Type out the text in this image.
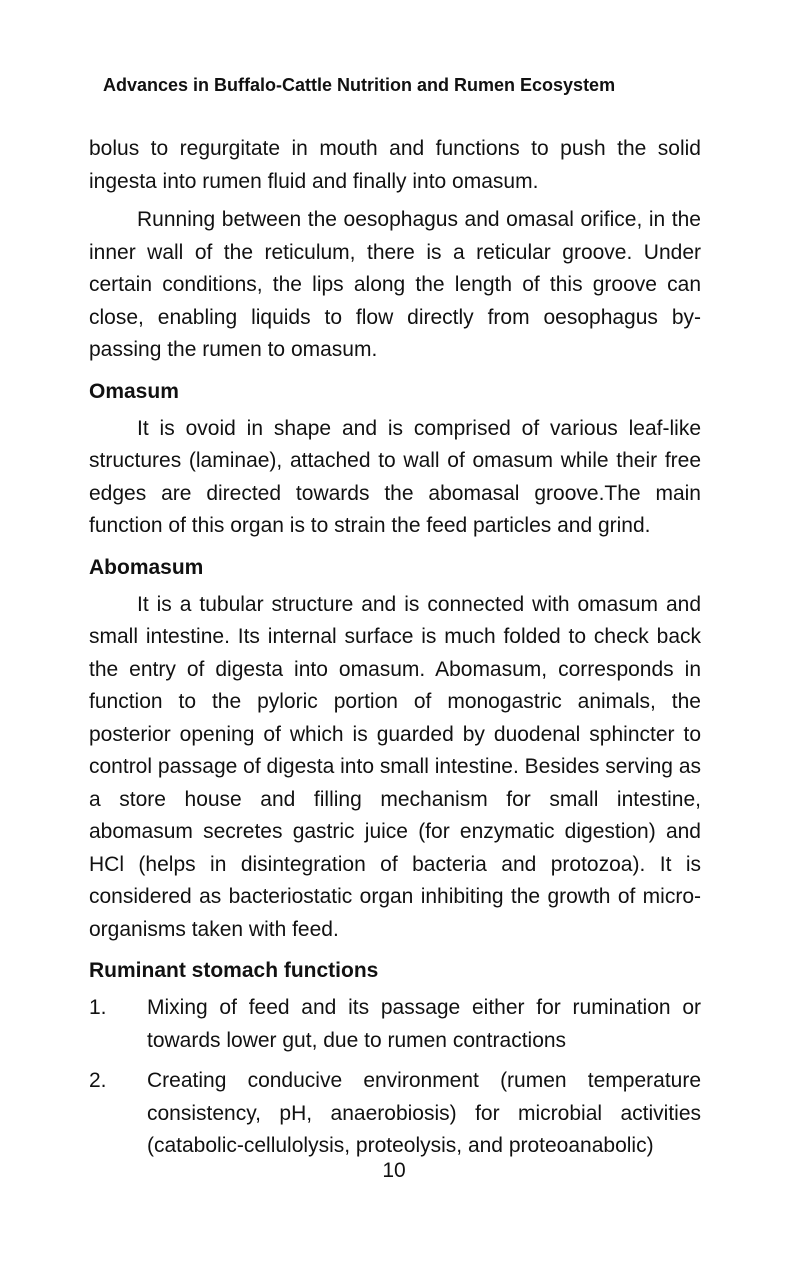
Advances in Buffalo-Cattle Nutrition and Rumen Ecosystem

bolus to regurgitate in mouth and functions to push the solid ingesta into rumen fluid and finally into omasum.

Running between the oesophagus and omasal orifice, in the inner wall of the reticulum, there is a reticular groove. Under certain conditions, the lips along the length of this groove can close, enabling liquids to flow directly from oesophagus by-passing the rumen to omasum.

Omasum

It is ovoid in shape and is comprised of various leaf-like structures (laminae), attached to wall of omasum while their free edges are directed towards the abomasal groove.The main function of this organ is to strain the feed particles and grind.

Abomasum

It is a tubular structure and is connected with omasum and small intestine. Its internal surface is much folded to check back the entry of digesta into omasum. Abomasum, corresponds in function to the pyloric portion of monogastric animals, the posterior opening of which is guarded by duodenal sphincter to control passage of digesta into small intestine. Besides serving as a store house and filling mechanism for small intestine, abomasum secretes gastric juice (for enzymatic digestion) and HCl (helps in disintegration of bacteria and protozoa). It is considered as bacteriostatic organ inhibiting the growth of micro-organisms taken with feed.

Ruminant stomach functions
1.	Mixing of feed and its passage either for rumination or towards lower gut, due to rumen contractions
2.	Creating conducive environment (rumen temperature consistency, pH, anaerobiosis) for microbial activities (catabolic-cellulolysis, proteolysis, and proteoanabolic)
10
